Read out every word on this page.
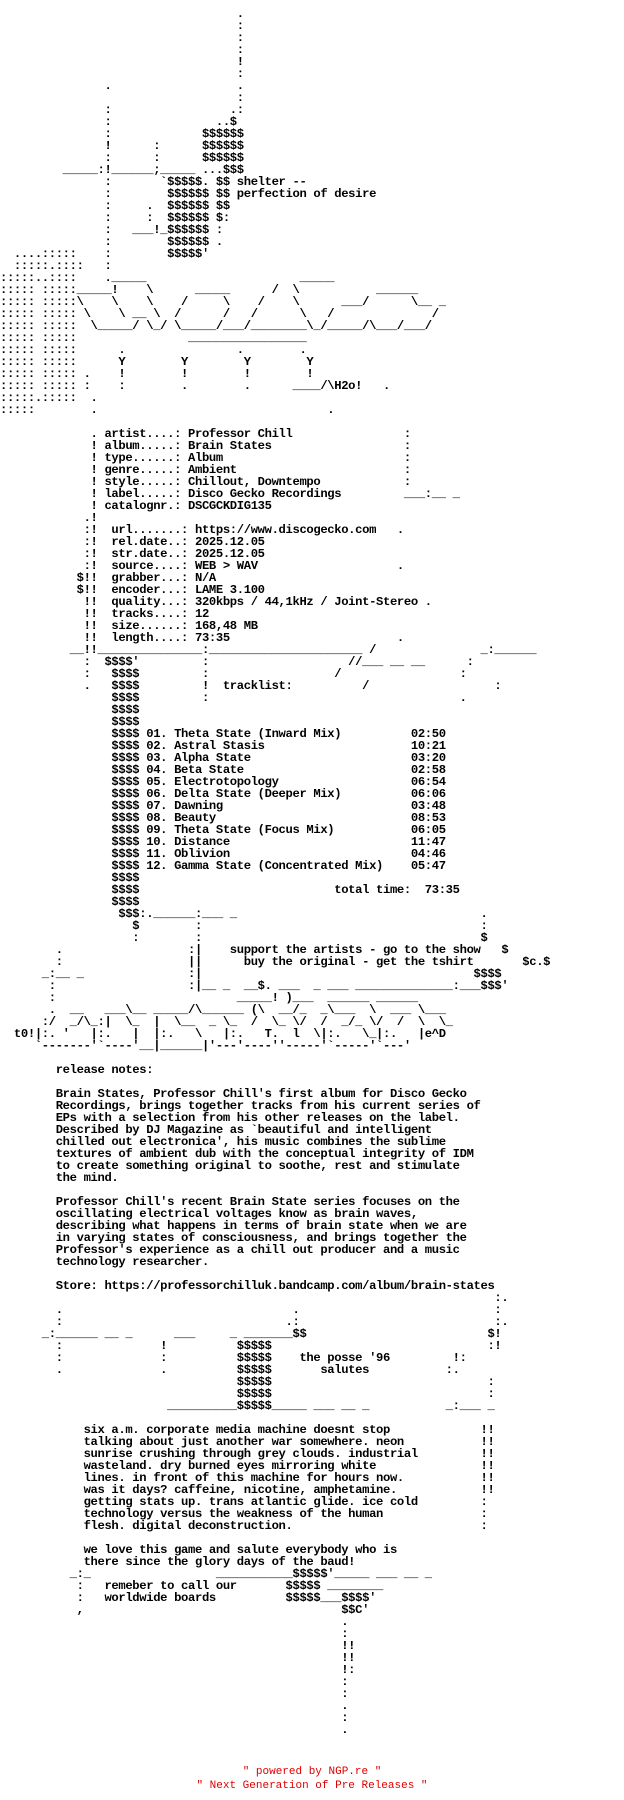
.
:
:
:
!
:
.                  .
:
:                 .:
:               ..$
:             $$$$$$
!      :      $$$$$$
:      :      $$$$$$
_____:!______;_____ ...$$$
:       `$$$$$. $$ shelter --
:        $$$$$$ $$ perfection of desire
:     .  $$$$$$ $$
:     :  $$$$$$ $:
:   ___!_$$$$$$ :
:        $$$$$$ .
....:::::    :        $$$$$'
:::::.::::   :
:::::..::::    ._____                      _____
::::: :::::_____!    \      _____      /  \           ______
::::: :::::\    \    \    /     \    /    \      ___/      \__ _
::::: ::::: \    \ __ \  /      /   /      \   /              /
::::: :::::  \_____/ \_/ \_____/___/________\_/_____/\___/___/
::::: :::::                _________________
::::: :::::      .                .        .
::::: :::::      Y        Y        Y        Y
::::: ::::: .    !        !        !        !
::::: ::::: :    :        .        .      ____/\H2o!   .
:::::.:::::  .
:::::        .                                 .

. artist....: Professor Chill                :
! album.....: Brain States                   :
! type......: Album                          :
! genre.....: Ambient                        :
! style.....: Chillout, Downtempo            :
! label.....: Disco Gecko Recordings         ___:__ _
! catalognr.: DSCGCKDIG135
.!
:!  url.......: https://www.discogecko.com   .
:!  rel.date..: 2025.12.05
:!  str.date..: 2025.12.05
:!  source....: WEB > WAV                    .
$!!  grabber...: N/A
$!!  encoder...: LAME 3.100
!!  quality...: 320kbps / 44,1kHz / Joint-Stereo .
!!  tracks....: 12
!!  size......: 168,48 MB
!!  length....: 73:35                        .
__!!_______________:______________________ /               _:______
:  $$$$'         :                    //___ __ __      :
:   $$$$         :                  /                 :
.   $$$$         !  tracklist:          /                  :
$$$$         :                                    .
$$$$
$$$$
$$$$ 01. Theta State (Inward Mix)          02:50
$$$$ 02. Astral Stasis                     10:21
$$$$ 03. Alpha State                       03:20
$$$$ 04. Beta State                        02:58
$$$$ 05. Electrotopology                   06:54
$$$$ 06. Delta State (Deeper Mix)          06:06
$$$$ 07. Dawning                           03:48
$$$$ 08. Beauty                            08:53
$$$$ 09. Theta State (Focus Mix)           06:05
$$$$ 10. Distance                          11:47
$$$$ 11. Oblivion                          04:46
$$$$ 12. Gamma State (Concentrated Mix)    05:47
$$$$
$$$$                            total time:  73:35
$$$$
$$$:.______:___ _                                   .
$        :                                        :
:        :                                        $
.                  :|    support the artists - go to the show   $
:                  ||      buy the original - get the tshirt       $c.$
_:__ _               :|                                       $$$$
:                   :|__ _  __$. ___  _ ___ ______________:___$$$'
:                          _____! )___  ______ ______
.  __   ___\__ _____/\______ (\  __/_  _\___  \  ___ \___
:/  _/\_:|  \_  |  \__  _ \_  /  \_ \/  /  _/_ \/  /  \  \_
t0!|:. '   |:.   |  |:.   \   |:.   T.  l  \|:.   \_|:.   |e^D
`-------'`----'__|______|'---'----''-----'`-----'`---'

release notes:

Brain States, Professor Chill's first album for Disco Gecko
Recordings, brings together tracks from his current series of
EPs with a selection from his other releases on the label.
Described by DJ Magazine as `beautiful and intelligent
chilled out electronica', his music combines the sublime
textures of ambient dub with the conceptual integrity of IDM
to create something original to soothe, rest and stimulate
the mind.

Professor Chill's recent Brain State series focuses on the
oscillating electrical voltages know as brain waves,
describing what happens in terms of brain state when we are
in varying states of consciousness, and brings together the
Professor's experience as a chill out producer and a music
technology researcher.

Store: https://professorchilluk.bandcamp.com/album/brain-states
:.
.                                 .                            :
:                                .:                            :.
_:______ __ _      ___     _ _______$$                          $!
:              !          $$$$$                               :!
:              :          $$$$$    the posse '96         !:
.              .          $$$$$       salutes           :.
$$$$$                               :
$$$$$                               :
__________$$$$$_____ ___ __ _           _:___ _

six a.m. corporate media machine doesnt stop             !!
talking about just another war somewhere. neon           !!
sunrise crushing through grey clouds. industrial         !!
wasteland. dry burned eyes mirroring white               !!
lines. in front of this machine for hours now.           !!
was it days? caffeine, nicotine, amphetamine.            !!
getting stats up. trans atlantic glide. ice cold         :
technology versus the weakness of the human              :
flesh. digital deconstruction.                           :

we love this game and salute everybody who is
there since the glory days of the baud!
_:_                  ___________$$$$$'_____ ___ __ _
:   remeber to call our       $$$$$ ________
:   worldwide boards          $$$$$___$$$$'
,                                     $$C'
.
:
!!
!!
!:
:
:
.
:
.
" powered by NGP.re "
" Next Generation of Pre Releases "
